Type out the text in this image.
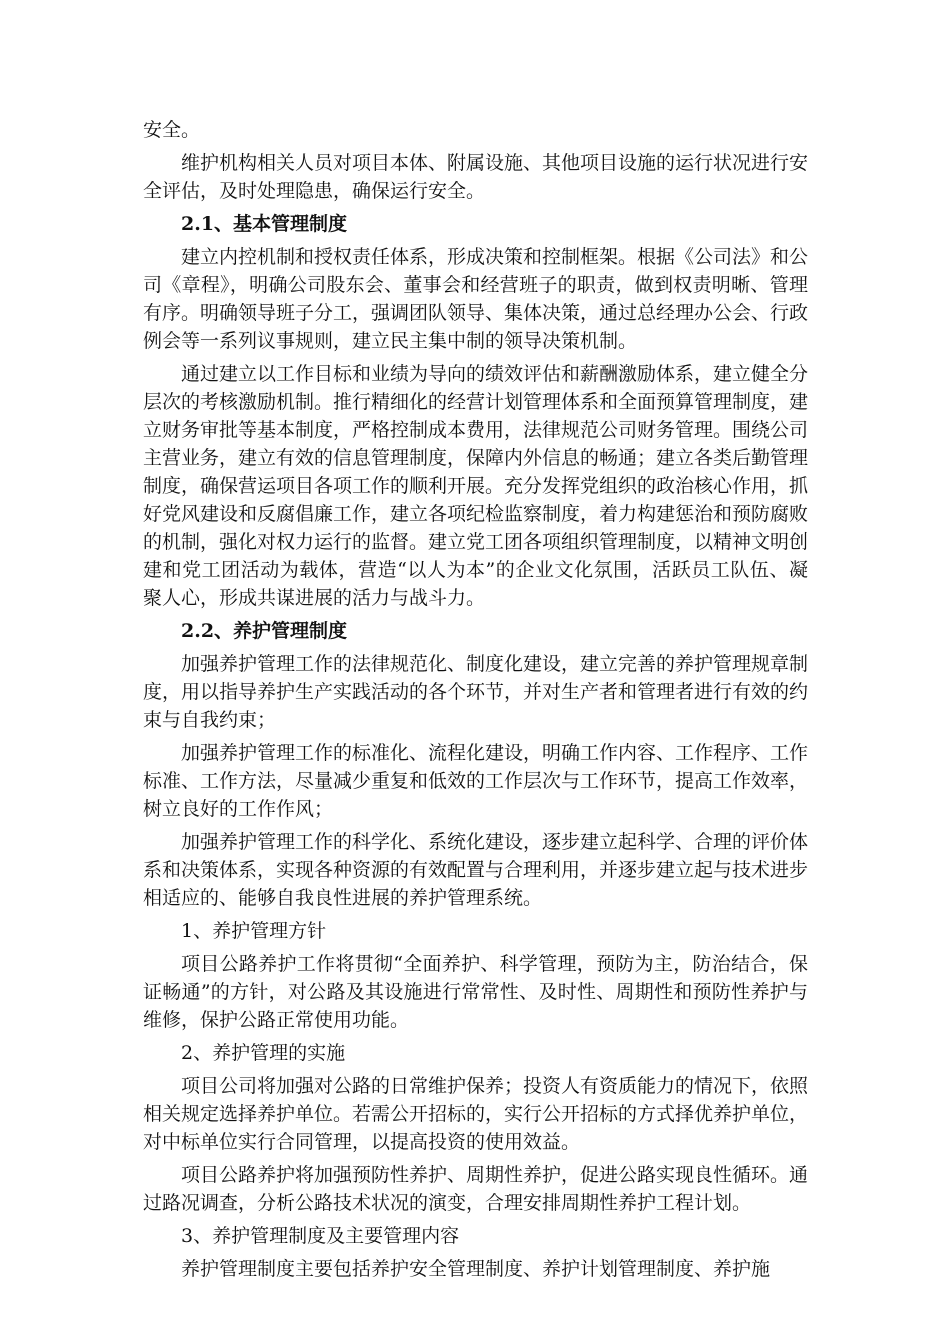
安全。

维护机构相关人员对项目本体、附属设施、其他项目设施的运行状况进行安全评估，及时处理隐患，确保运行安全。

2.1、基本管理制度

建立内控机制和授权责任体系，形成决策和控制框架。根据《公司法》和公司《章程》，明确公司股东会、董事会和经营班子的职责，做到权责明晰、管理有序。明确领导班子分工，强调团队领导、集体决策，通过总经理办公会、行政例会等一系列议事规则，建立民主集中制的领导决策机制。

通过建立以工作目标和业绩为导向的绩效评估和薪酬激励体系，建立健全分层次的考核激励机制。推行精细化的经营计划管理体系和全面预算管理制度，建立财务审批等基本制度，严格控制成本费用，法律规范公司财务管理。围绕公司主营业务，建立有效的信息管理制度，保障内外信息的畅通；建立各类后勤管理制度，确保营运项目各项工作的顺利开展。充分发挥党组织的政治核心作用，抓好党风建设和反腐倡廉工作，建立各项纪检监察制度，着力构建惩治和预防腐败的机制，强化对权力运行的监督。建立党工团各项组织管理制度，以精神文明创建和党工团活动为载体，营造“以人为本”的企业文化氛围，活跃员工队伍、凝聚人心，形成共谋进展的活力与战斗力。

2.2、养护管理制度

加强养护管理工作的法律规范化、制度化建设，建立完善的养护管理规章制度，用以指导养护生产实践活动的各个环节，并对生产者和管理者进行有效的约束与自我约束；

加强养护管理工作的标准化、流程化建设，明确工作内容、工作程序、工作标准、工作方法，尽量减少重复和低效的工作层次与工作环节，提高工作效率，树立良好的工作作风；

加强养护管理工作的科学化、系统化建设，逐步建立起科学、合理的评价体系和决策体系，实现各种资源的有效配置与合理利用，并逐步建立起与技术进步相适应的、能够自我良性进展的养护管理系统。

1、养护管理方针

项目公路养护工作将贯彻“全面养护、科学管理，预防为主，防治结合，保证畅通”的方针，对公路及其设施进行常常性、及时性、周期性和预防性养护与维修，保护公路正常使用功能。

2、养护管理的实施

项目公司将加强对公路的日常维护保养；投资人有资质能力的情况下，依照相关规定选择养护单位。若需公开招标的，实行公开招标的方式择优养护单位，对中标单位实行合同管理，以提高投资的使用效益。

项目公路养护将加强预防性养护、周期性养护，促进公路实现良性循环。通过路况调查，分析公路技术状况的演变，合理安排周期性养护工程计划。

3、养护管理制度及主要管理内容

养护管理制度主要包括养护安全管理制度、养护计划管理制度、养护施
